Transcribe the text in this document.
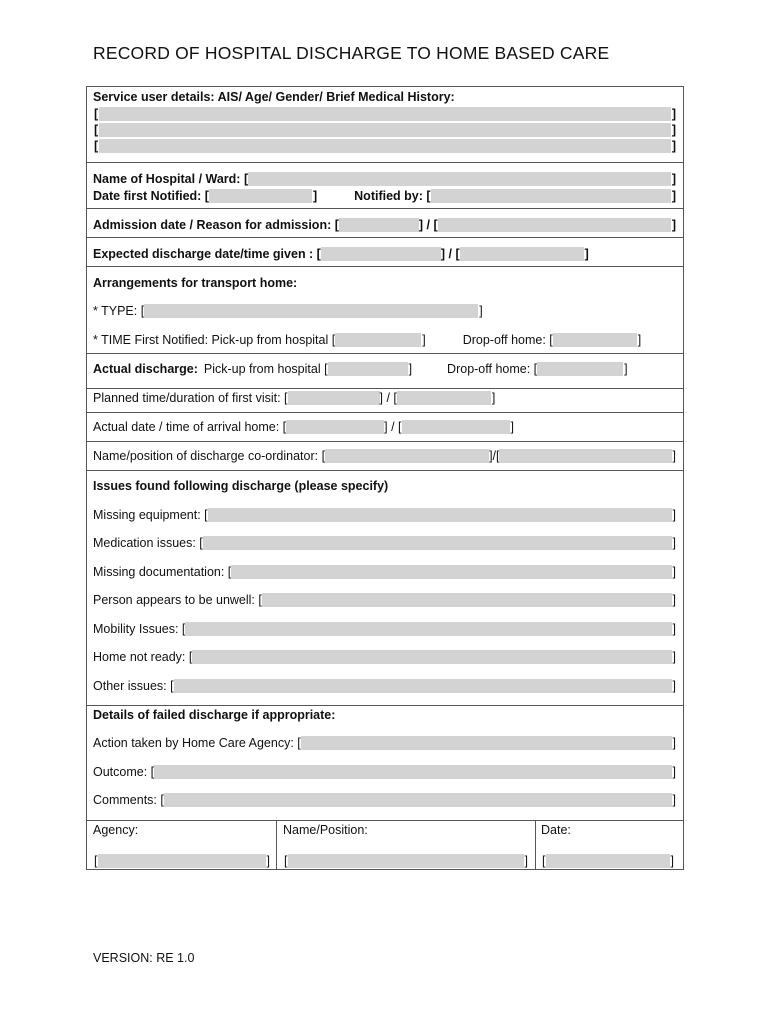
RECORD OF HOSPITAL DISCHARGE TO HOME BASED CARE
Service user details: AIS/ Age/ Gender/ Brief Medical History:
[	]
[	]
[	]
Name of Hospital / Ward: [	]
Date first Notified: [	]	Notified by: [	]
Admission date / Reason for admission: [	] / [	]
Expected discharge date/time given : [	] / [	]
Arrangements for transport home:
* TYPE: [	]
* TIME First Notified: Pick-up from hospital [	]	Drop-off home: [	]
Actual discharge: Pick-up from hospital [	]	Drop-off home: [	]
Planned time/duration of first visit: [	] / [	]
Actual date / time of arrival home: [	] / [	]
Name/position of discharge co-ordinator: [	]/[	]
Issues found following discharge (please specify)
Missing equipment: [	]
Medication issues: [	]
Missing documentation: [	]
Person appears to be unwell: [	]
Mobility Issues: [	]
Home not ready: [	]
Other issues: [	]
Details of failed discharge if appropriate:
Action taken by Home Care Agency: [	]
Outcome: [	]
Comments: [	]
Agency:	Name/Position:	Date:
[	] [	] [	]
VERSION: RE 1.0
